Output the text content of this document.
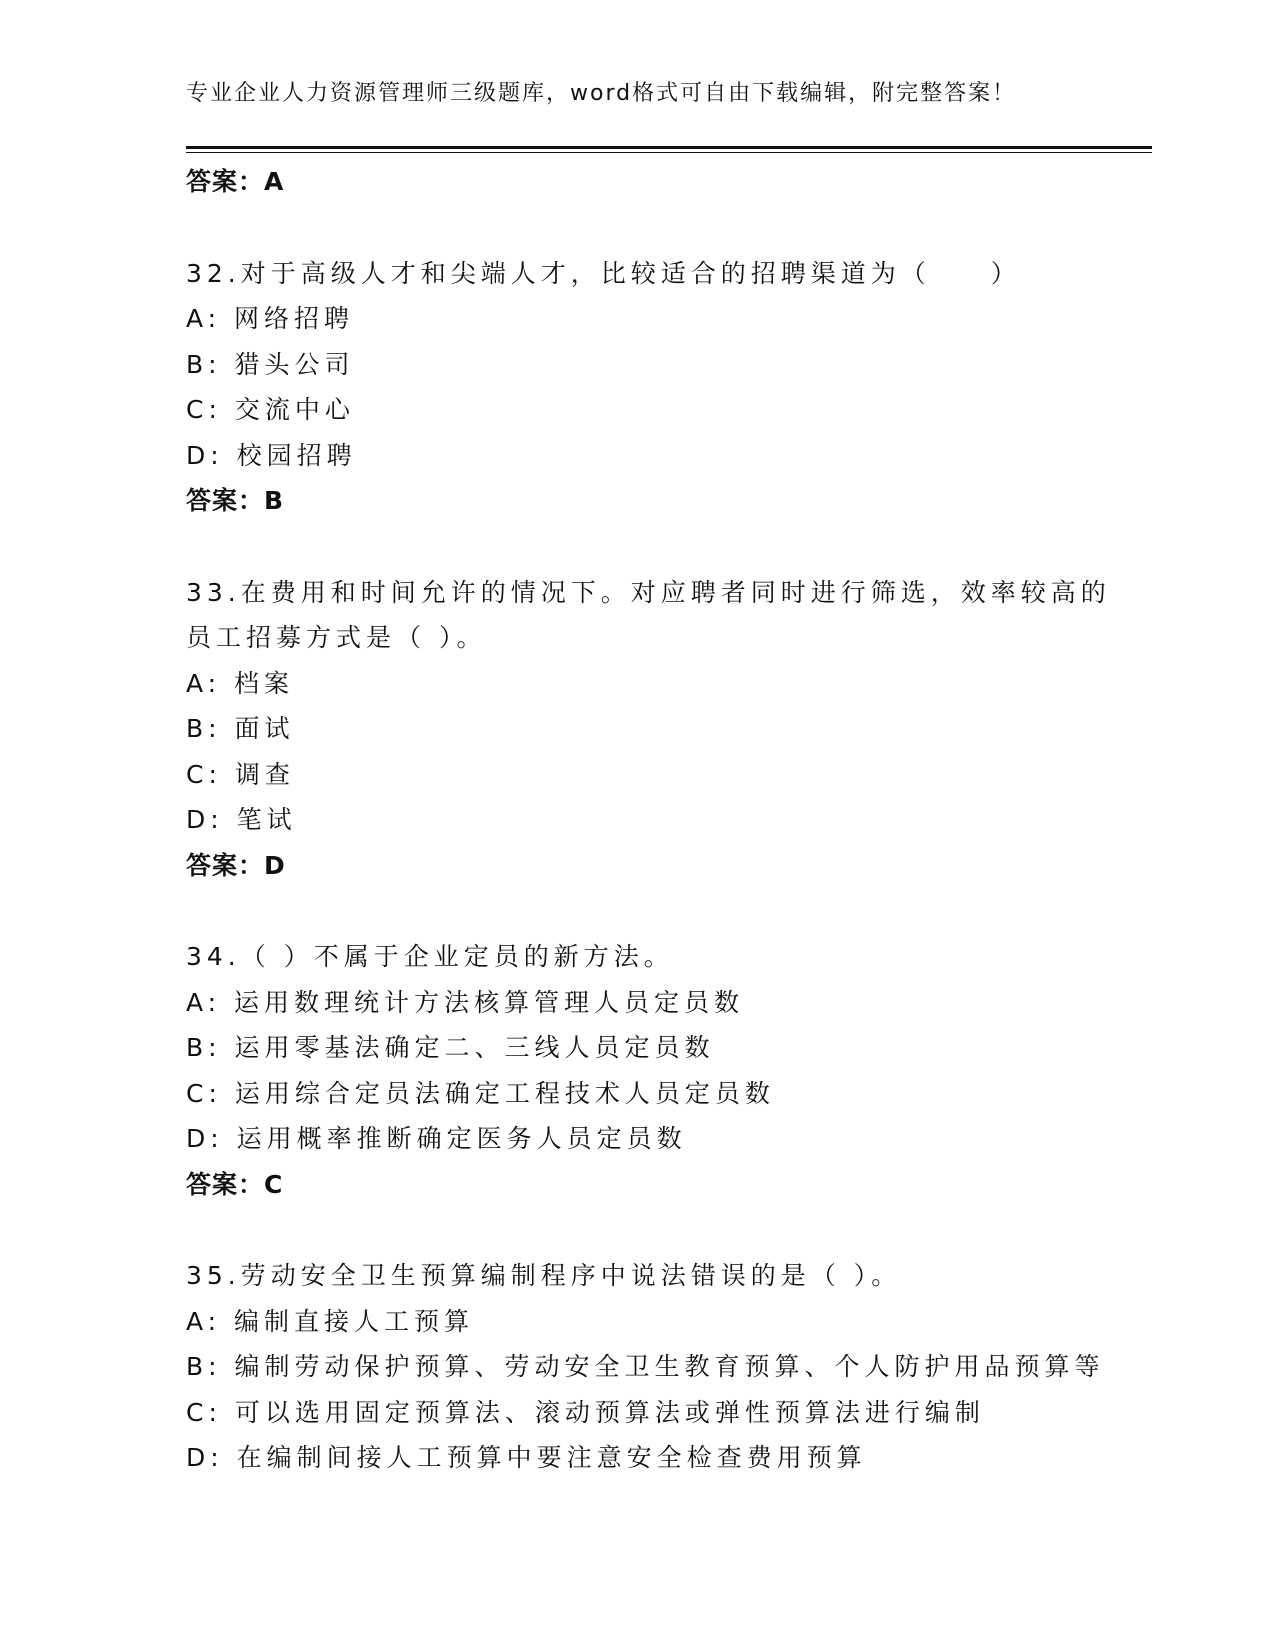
专业企业人力资源管理师三级题库，word格式可自由下载编辑，附完整答案！
答案：A
32.对于高级人才和尖端人才，比较适合的招聘渠道为（　　）
A: 网络招聘
B: 猎头公司
C: 交流中心
D: 校园招聘
答案：B
33.在费用和时间允许的情况下。对应聘者同时进行筛选，效率较高的
员工招募方式是（ ）。
A: 档案
B: 面试
C: 调查
D: 笔试
答案：D
34.（ ）不属于企业定员的新方法。
A: 运用数理统计方法核算管理人员定员数
B: 运用零基法确定二、三线人员定员数
C: 运用综合定员法确定工程技术人员定员数
D: 运用概率推断确定医务人员定员数
答案：C
35.劳动安全卫生预算编制程序中说法错误的是（ ）。
A: 编制直接人工预算
B: 编制劳动保护预算、劳动安全卫生教育预算、个人防护用品预算等
C: 可以选用固定预算法、滚动预算法或弹性预算法进行编制
D: 在编制间接人工预算中要注意安全检查费用预算
